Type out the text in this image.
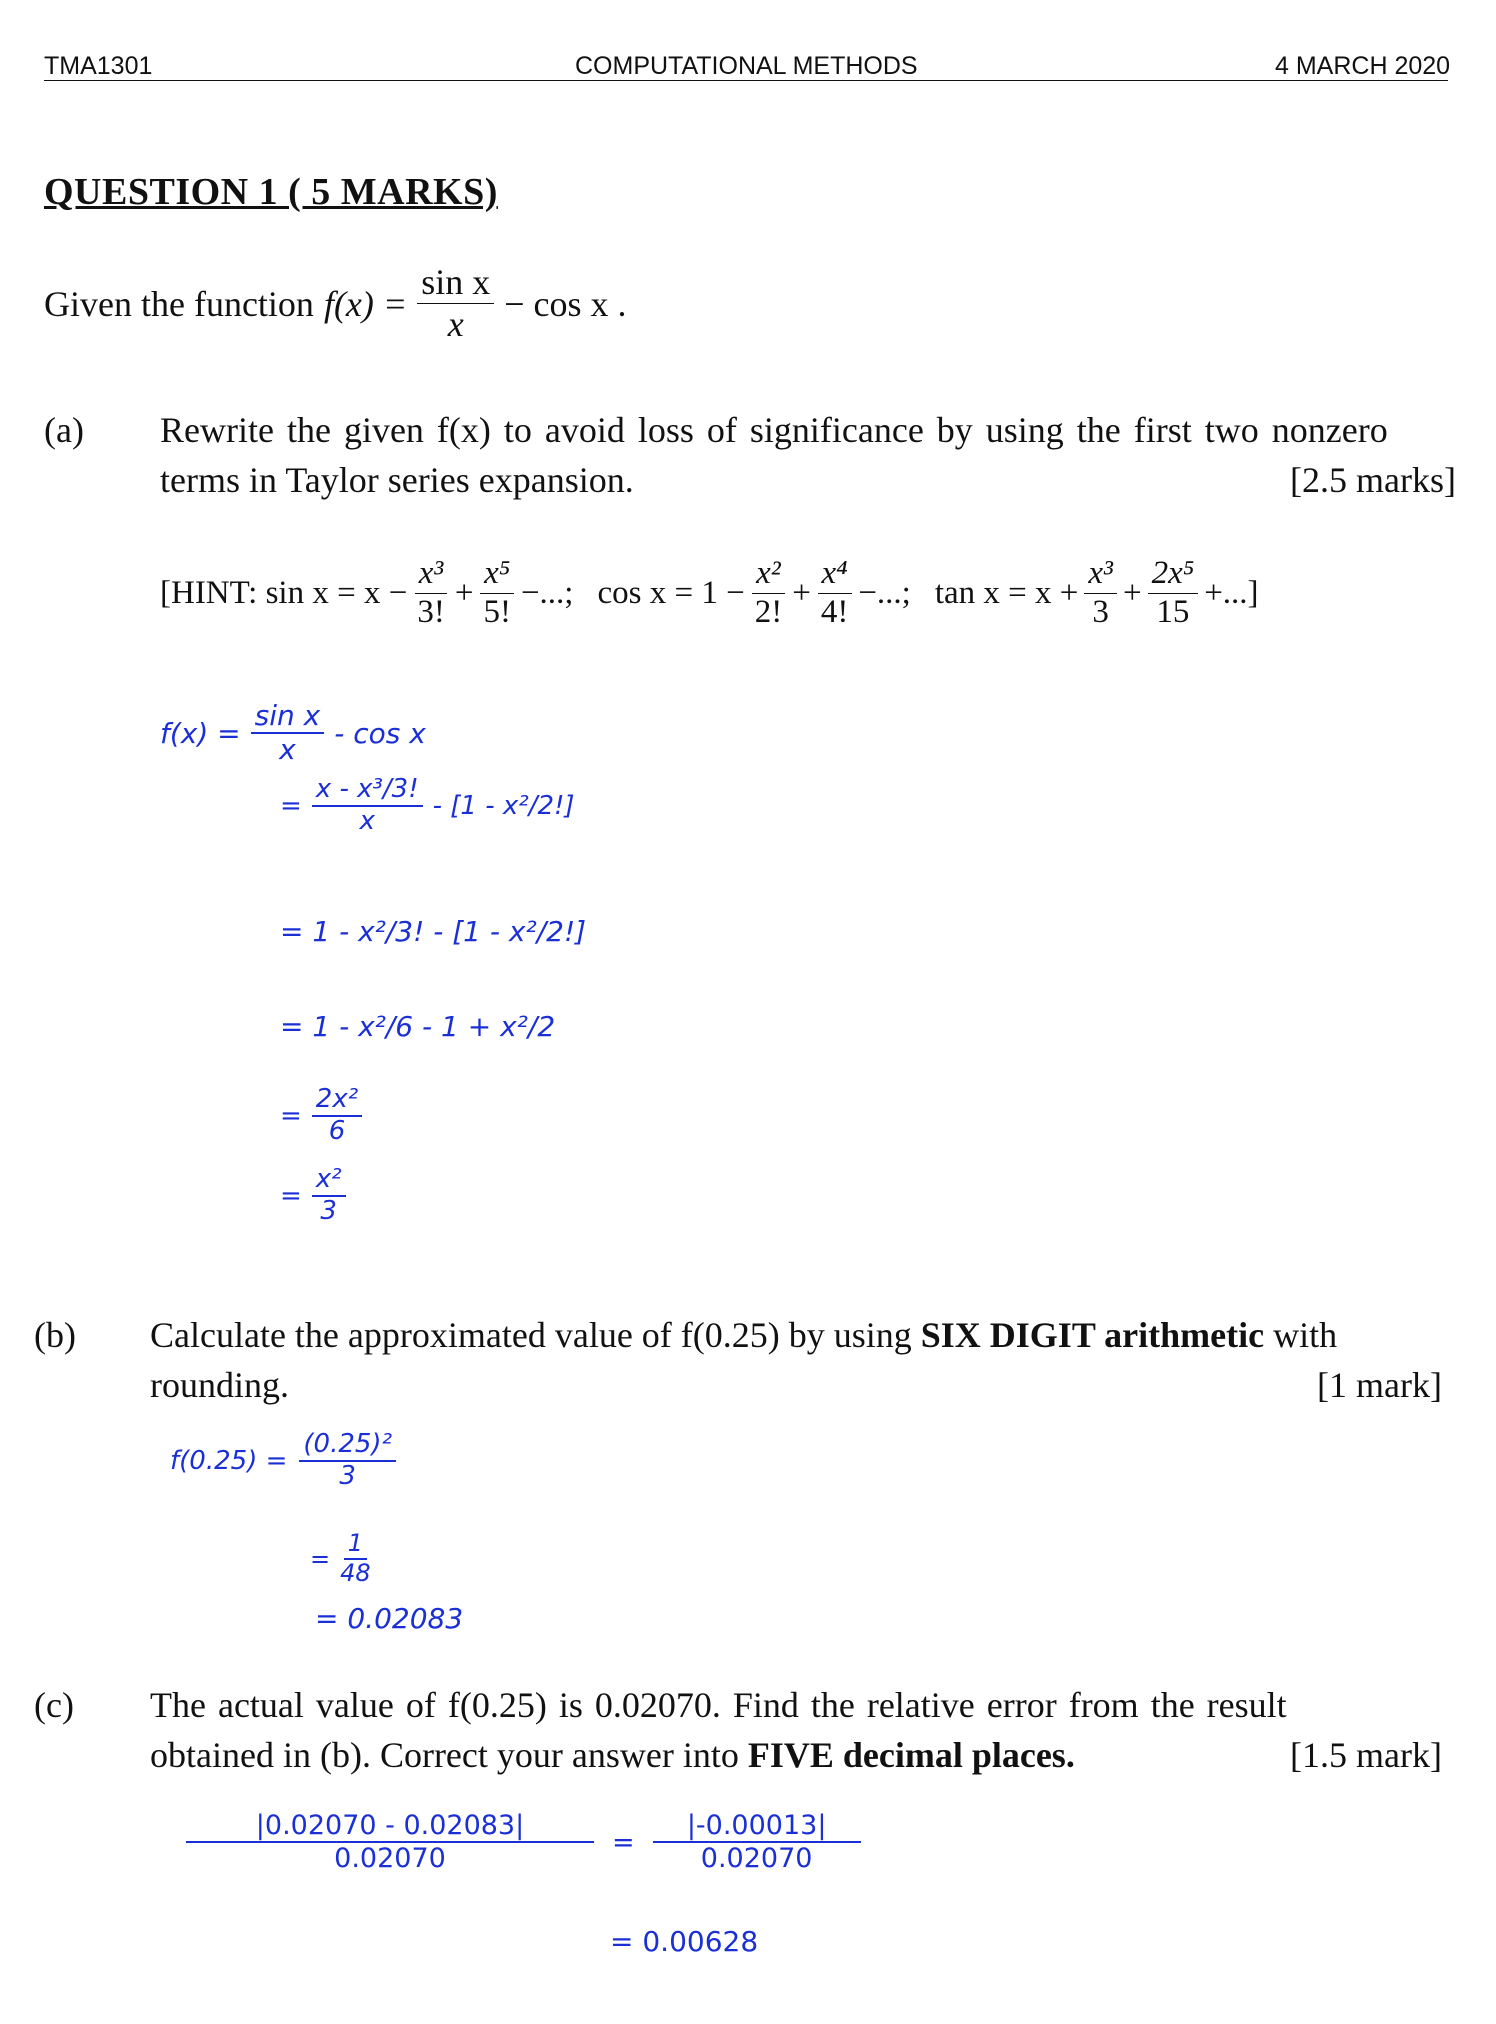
TMA1301	COMPUTATIONAL METHODS	4 MARCH 2020
QUESTION 1 ( 5 MARKS)
Given the function $f(x) = \frac{\text{sin x}}{x} - \cos x$ .
(a) Rewrite the given f(x) to avoid loss of significance by using the first two nonzero
terms in Taylor series expansion.	[2.5 marks]
[HINT: $\sin x = x - \frac{\text{x³}}{3!} + \frac{\text{x⁵}}{5!}$ −...; $\cos x = 1 - \frac{\text{x²}}{2!} + \frac{\text{x⁴}}{4!}$ −...; $\tan x = x + \frac{\text{x³}}{3} + \frac{\text{2x⁵}}{15}$ +...]
$f(x) = \frac{\text{sin x}}{x} - \cos x$
= $\frac{\text{x - x³/3!}}{x} - [1 - x^2/2!]$
= 1 - x²/3! - [1 - x²/2!]
= 1 - x²/6 - 1 + x²/2
= $\frac{\text{2x²}}{6}$
= $\frac{\text{x²}}{3}$
(b) Calculate the approximated value of f(0.25) by using SIX DIGIT arithmetic with
rounding.	[1 mark]
$f(0.25) = \frac{\text{(0.25)²}}{3}$
= $\frac{1}{48}$
= 0.02083
(c) The actual value of f(0.25) is 0.02070. Find the relative error from the result
obtained in (b). Correct your answer into FIVE decimal places.	[1.5 mark]
$\frac{|0.02070 - 0.02083|}{0.02070} = \frac{|-0.00013|}{0.02070}$
= 0.00628
